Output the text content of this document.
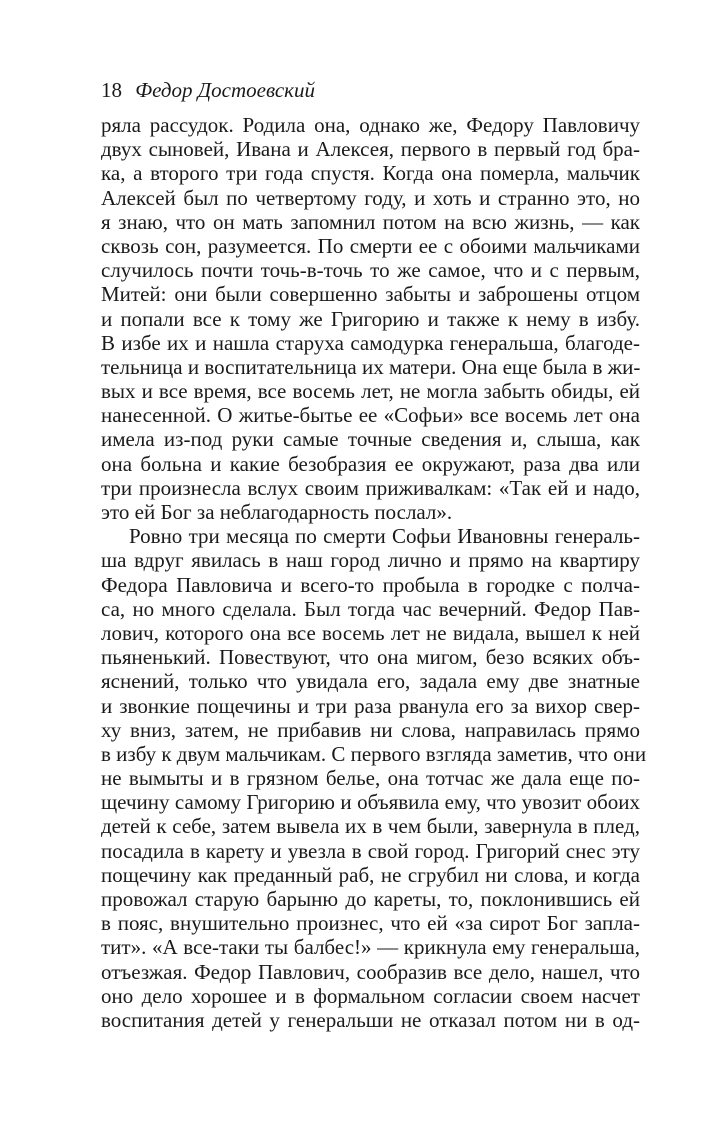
18 Федор Достоевский
ряла рассудок. Родила она, однако же, Федору Павловичу
двух сыновей, Ивана и Алексея, первого в первый год бра-
ка, а второго три года спустя. Когда она померла, мальчик
Алексей был по четвертому году, и хоть и странно это, но
я знаю, что он мать запомнил потом на всю жизнь, — как
сквозь сон, разумеется. По смерти ее с обоими мальчиками
случилось почти точь-в-точь то же самое, что и с первым,
Митей: они были совершенно забыты и заброшены отцом
и попали все к тому же Григорию и также к нему в избу.
В избе их и нашла старуха самодурка генеральша, благоде-
тельница и воспитательница их матери. Она еще была в жи-
вых и все время, все восемь лет, не могла забыть обиды, ей
нанесенной. О житье-бытье ее «Софьи» все восемь лет она
имела из-под руки самые точные сведения и, слыша, как
она больна и какие безобразия ее окружают, раза два или
три произнесла вслух своим приживалкам: «Так ей и надо,
это ей Бог за неблагодарность послал».
Ровно три месяца по смерти Софьи Ивановны генераль-
ша вдруг явилась в наш город лично и прямо на квартиру
Федора Павловича и всего-то пробыла в городке с полча-
са, но много сделала. Был тогда час вечерний. Федор Пав-
лович, которого она все восемь лет не видала, вышел к ней
пьяненький. Повествуют, что она мигом, безо всяких объ-
яснений, только что увидала его, задала ему две знатные
и звонкие пощечины и три раза рванула его за вихор свер-
ху вниз, затем, не прибавив ни слова, направилась прямо
в избу к двум мальчикам. С первого взгляда заметив, что они
не вымыты и в грязном белье, она тотчас же дала еще по-
щечину самому Григорию и объявила ему, что увозит обоих
детей к себе, затем вывела их в чем были, завернула в плед,
посадила в карету и увезла в свой город. Григорий снес эту
пощечину как преданный раб, не сгрубил ни слова, и когда
провожал старую барыню до кареты, то, поклонившись ей
в пояс, внушительно произнес, что ей «за сирот Бог запла-
тит». «А все-таки ты балбес!» — крикнула ему генеральша,
отъезжая. Федор Павлович, сообразив все дело, нашел, что
оно дело хорошее и в формальном согласии своем насчет
воспитания детей у генеральши не отказал потом ни в од-
